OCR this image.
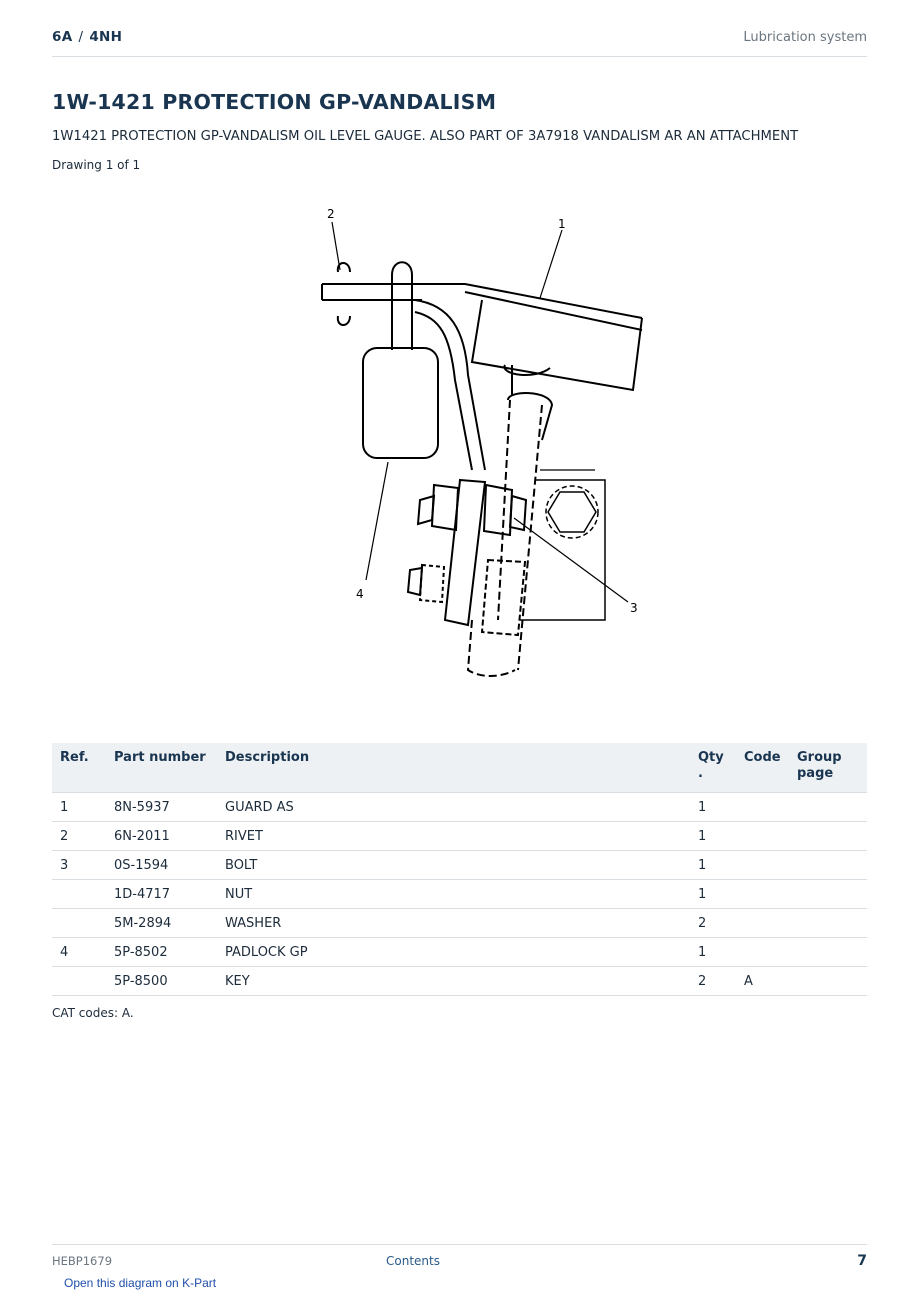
6A / 4NH	Lubrication system
1W-1421 PROTECTION GP-VANDALISM
1W1421 PROTECTION GP-VANDALISM OIL LEVEL GAUGE. ALSO PART OF 3A7918 VANDALISM AR AN ATTACHMENT
Drawing 1 of 1
1
2
3
4
Ref.	Part number	Description	Qty .	Code	Group page
1	8N-5937	GUARD AS	1		
2	6N-2011	RIVET	1		
3	0S-1594	BOLT	1		
	1D-4717	NUT	1		
	5M-2894	WASHER	2		
4	5P-8502	PADLOCK GP	1		
	5P-8500	KEY	2	A	
CAT codes: A.
HEBP1679	Contents	7
Open this diagram on K-Part
